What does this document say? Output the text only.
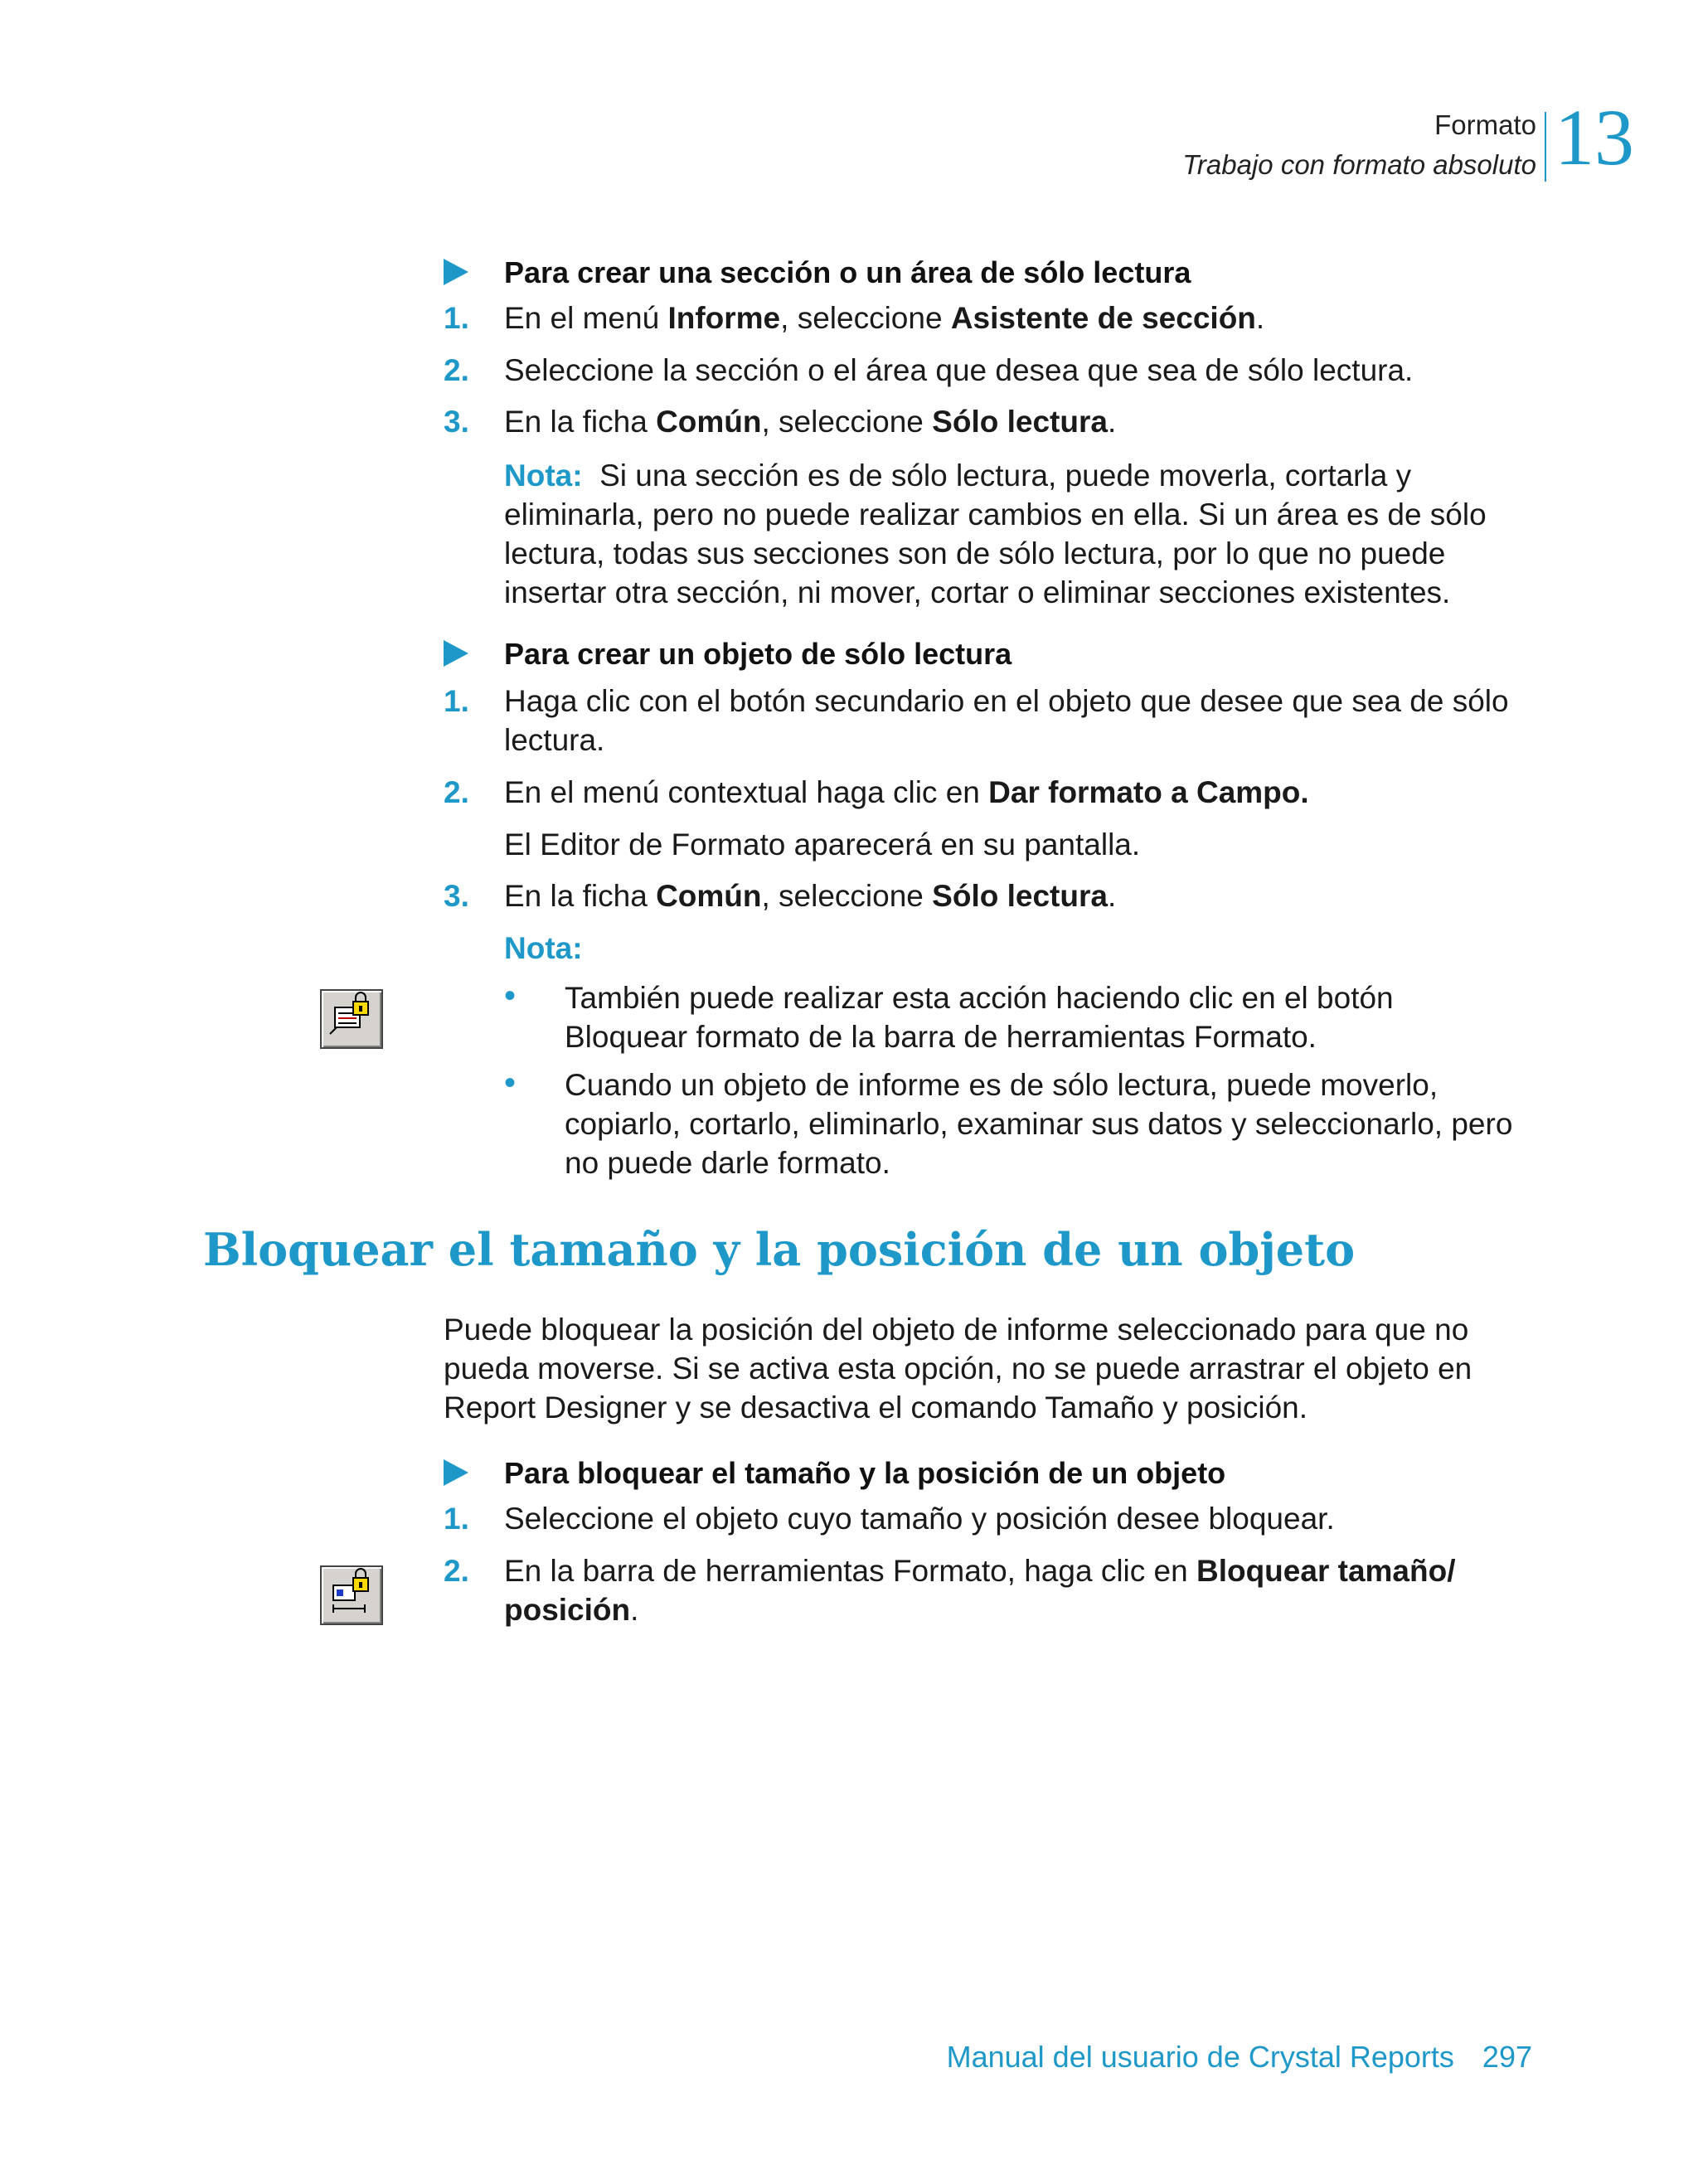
Formato
Trabajo con formato absoluto 13
Para crear una sección o un área de sólo lectura
1. En el menú Informe, seleccione Asistente de sección.
2. Seleccione la sección o el área que desea que sea de sólo lectura.
3. En la ficha Común, seleccione Sólo lectura.
Nota: Si una sección es de sólo lectura, puede moverla, cortarla y eliminarla, pero no puede realizar cambios en ella. Si un área es de sólo lectura, todas sus secciones son de sólo lectura, por lo que no puede insertar otra sección, ni mover, cortar o eliminar secciones existentes.
Para crear un objeto de sólo lectura
1. Haga clic con el botón secundario en el objeto que desee que sea de sólo lectura.
2. En el menú contextual haga clic en Dar formato a Campo.
El Editor de Formato aparecerá en su pantalla.
3. En la ficha Común, seleccione Sólo lectura.
Nota:
• También puede realizar esta acción haciendo clic en el botón Bloquear formato de la barra de herramientas Formato.
• Cuando un objeto de informe es de sólo lectura, puede moverlo, copiarlo, cortarlo, eliminarlo, examinar sus datos y seleccionarlo, pero no puede darle formato.
Bloquear el tamaño y la posición de un objeto
Puede bloquear la posición del objeto de informe seleccionado para que no pueda moverse. Si se activa esta opción, no se puede arrastrar el objeto en Report Designer y se desactiva el comando Tamaño y posición.
Para bloquear el tamaño y la posición de un objeto
1. Seleccione el objeto cuyo tamaño y posición desee bloquear.
2. En la barra de herramientas Formato, haga clic en Bloquear tamaño/ posición.
Manual del usuario de Crystal Reports 297
